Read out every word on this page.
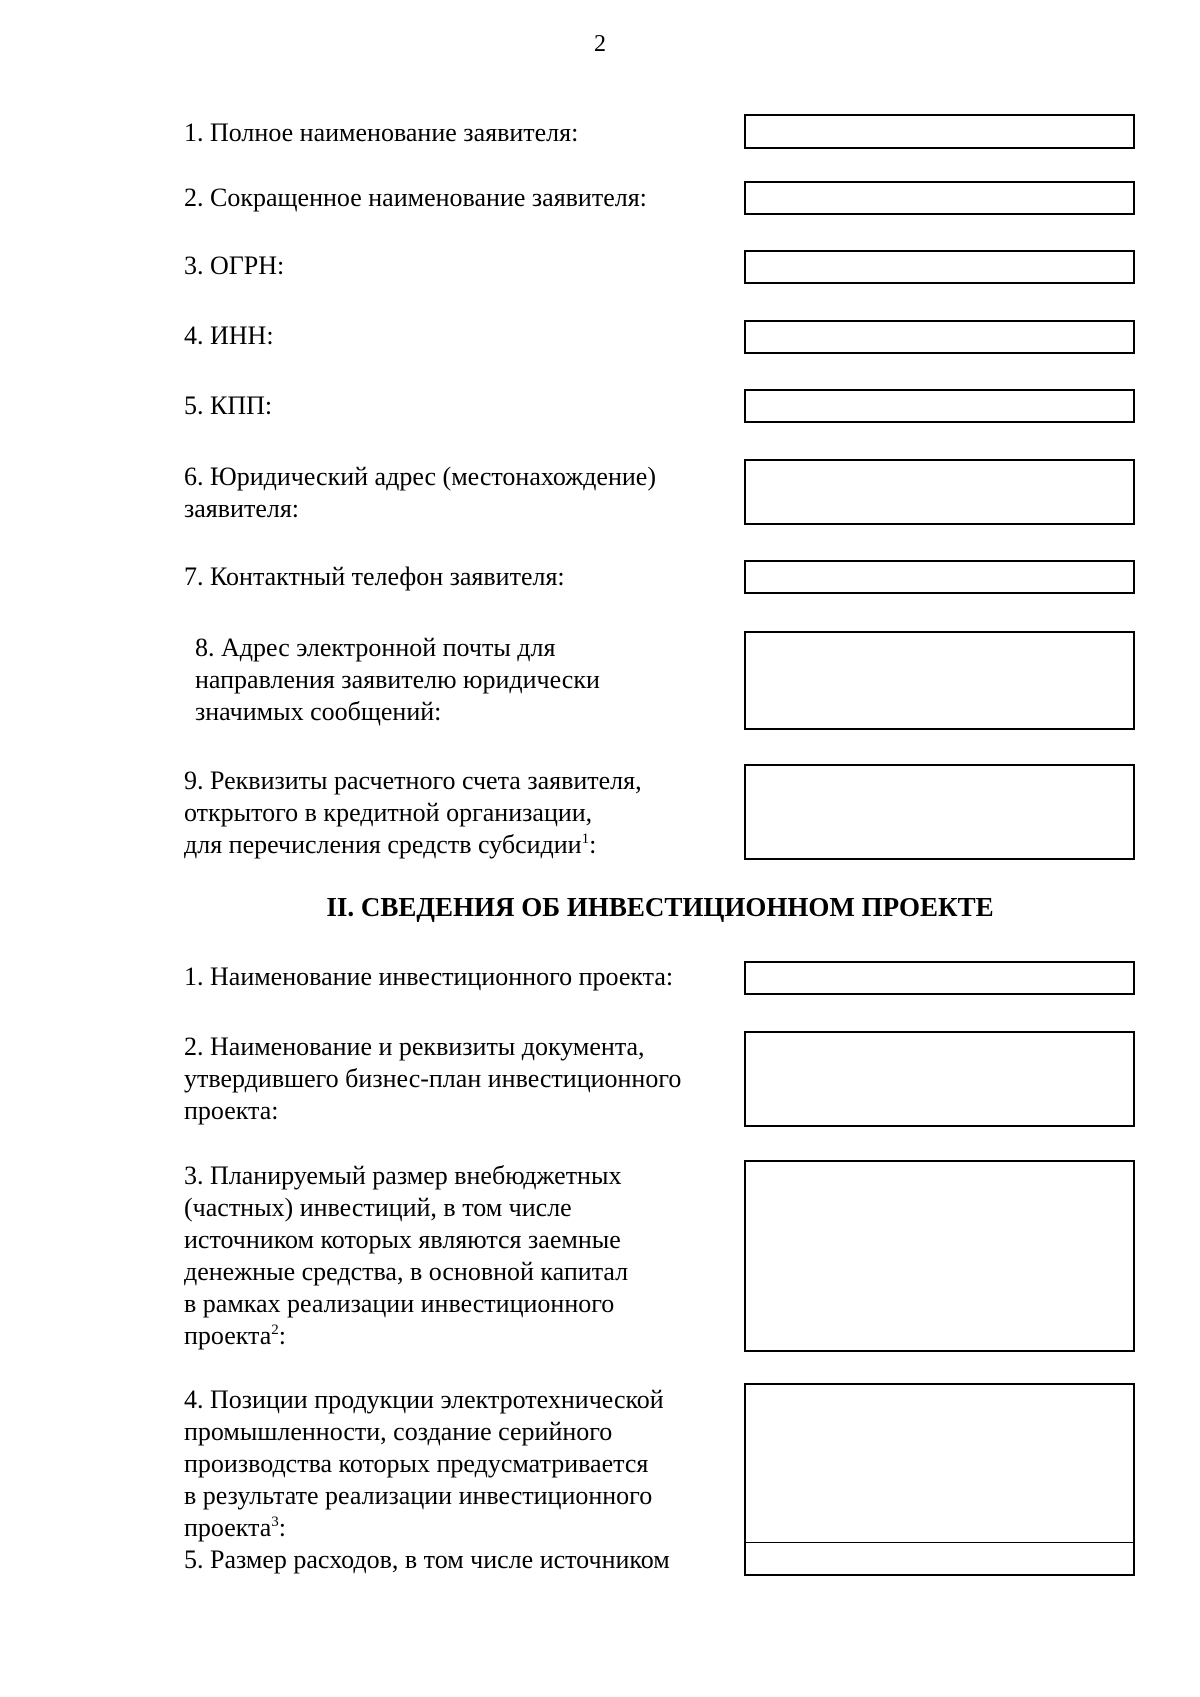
2
1. Полное наименование заявителя:
2. Сокращенное наименование заявителя:
3. ОГРН:
4. ИНН:
5. КПП:
6. Юридический адрес (местонахождение)
заявителя:
7. Контактный телефон заявителя:
8. Адрес электронной почты для
направления заявителю юридически
значимых сообщений:
9. Реквизиты расчетного счета заявителя,
открытого в кредитной организации,
для перечисления средств субсидии$^1$:
II. СВЕДЕНИЯ ОБ ИНВЕСТИЦИОННОМ ПРОЕКТЕ
1. Наименование инвестиционного проекта:
2. Наименование и реквизиты документа,
утвердившего бизнес-план инвестиционного
проекта:
3. Планируемый размер внебюджетных
(частных) инвестиций, в том числе
источником которых являются заемные
денежные средства, в основной капитал
в рамках реализации инвестиционного
проекта$^2$:
4. Позиции продукции электротехнической
промышленности, создание серийного
производства которых предусматривается
в результате реализации инвестиционного
проекта$^3$:
5. Размер расходов, в том числе источником
